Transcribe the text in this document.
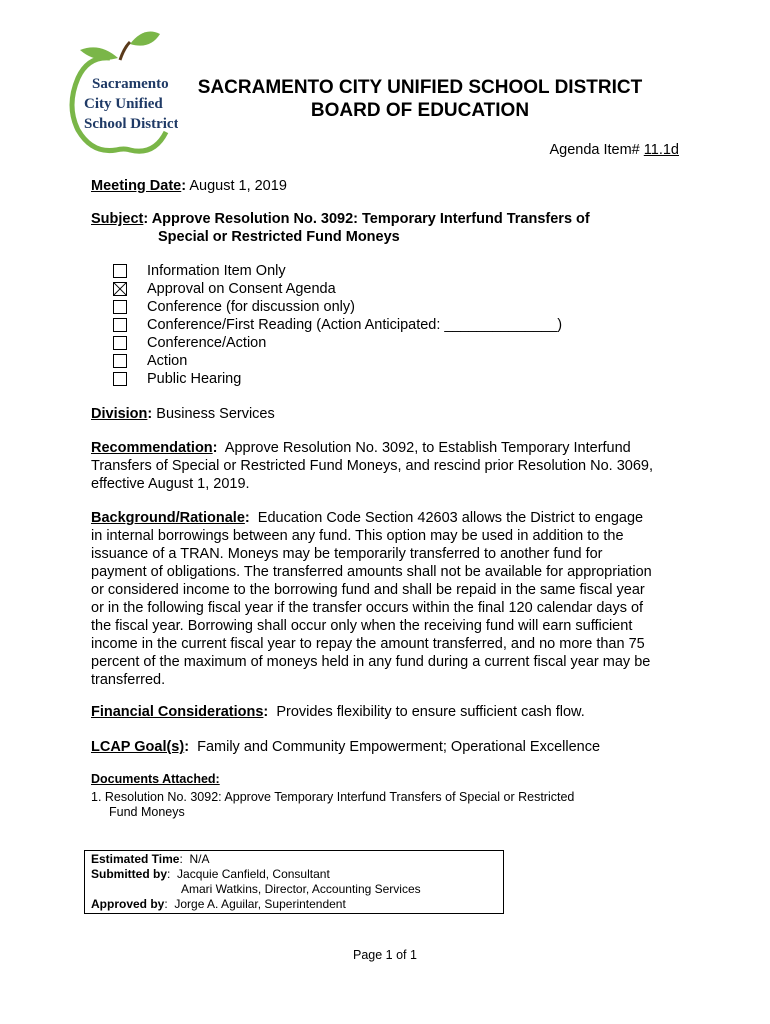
Sacramento
City Unified
School District
SACRAMENTO CITY UNIFIED SCHOOL DISTRICT
BOARD OF EDUCATION
Agenda Item# 11.1d
Meeting Date: August 1, 2019
Subject: Approve Resolution No. 3092: Temporary Interfund Transfers of
Special or Restricted Fund Moneys
Information Item Only
Approval on Consent Agenda
Conference (for discussion only)
Conference/First Reading (Action Anticipated: ______________)
Conference/Action
Action
Public Hearing
Division: Business Services
Recommendation: Approve Resolution No. 3092, to Establish Temporary Interfund
Transfers of Special or Restricted Fund Moneys, and rescind prior Resolution No. 3069,
effective August 1, 2019.
Background/Rationale: Education Code Section 42603 allows the District to engage
in internal borrowings between any fund. This option may be used in addition to the
issuance of a TRAN. Moneys may be temporarily transferred to another fund for
payment of obligations. The transferred amounts shall not be available for appropriation
or considered income to the borrowing fund and shall be repaid in the same fiscal year
or in the following fiscal year if the transfer occurs within the final 120 calendar days of
the fiscal year. Borrowing shall occur only when the receiving fund will earn sufficient
income in the current fiscal year to repay the amount transferred, and no more than 75
percent of the maximum of moneys held in any fund during a current fiscal year may be
transferred.
Financial Considerations: Provides flexibility to ensure sufficient cash flow.
LCAP Goal(s): Family and Community Empowerment; Operational Excellence
Documents Attached:
1. Resolution No. 3092: Approve Temporary Interfund Transfers of Special or Restricted
Fund Moneys
Estimated Time:  N/A
Submitted by:  Jacquie Canfield, Consultant
Amari Watkins, Director, Accounting Services
Approved by:  Jorge A. Aguilar, Superintendent
Page 1 of 1
